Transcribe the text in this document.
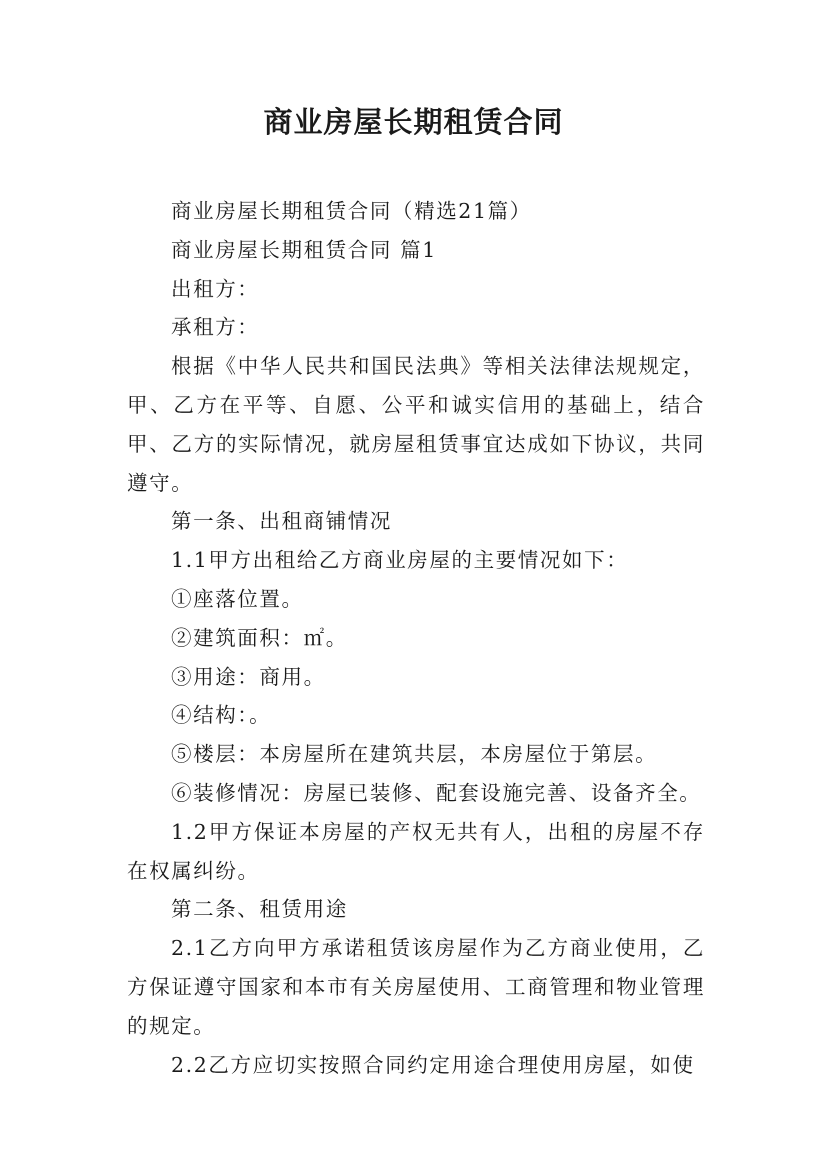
商业房屋长期租赁合同

商业房屋长期租赁合同（精选21篇）

商业房屋长期租赁合同 篇1

出租方：

承租方：

根据《中华人民共和国民法典》等相关法律法规规定，甲、乙方在平等、自愿、公平和诚实信用的基础上，结合甲、乙方的实际情况，就房屋租赁事宜达成如下协议，共同遵守。

第一条、出租商铺情况

1.1甲方出租给乙方商业房屋的主要情况如下：

①座落位置。

②建筑面积：㎡。

③用途：商用。

④结构：。

⑤楼层：本房屋所在建筑共层，本房屋位于第层。

⑥装修情况：房屋已装修、配套设施完善、设备齐全。

1.2甲方保证本房屋的产权无共有人，出租的房屋不存在权属纠纷。

第二条、租赁用途

2.1乙方向甲方承诺租赁该房屋作为乙方商业使用，乙方保证遵守国家和本市有关房屋使用、工商管理和物业管理的规定。

2.2乙方应切实按照合同约定用途合理使用房屋，如使
